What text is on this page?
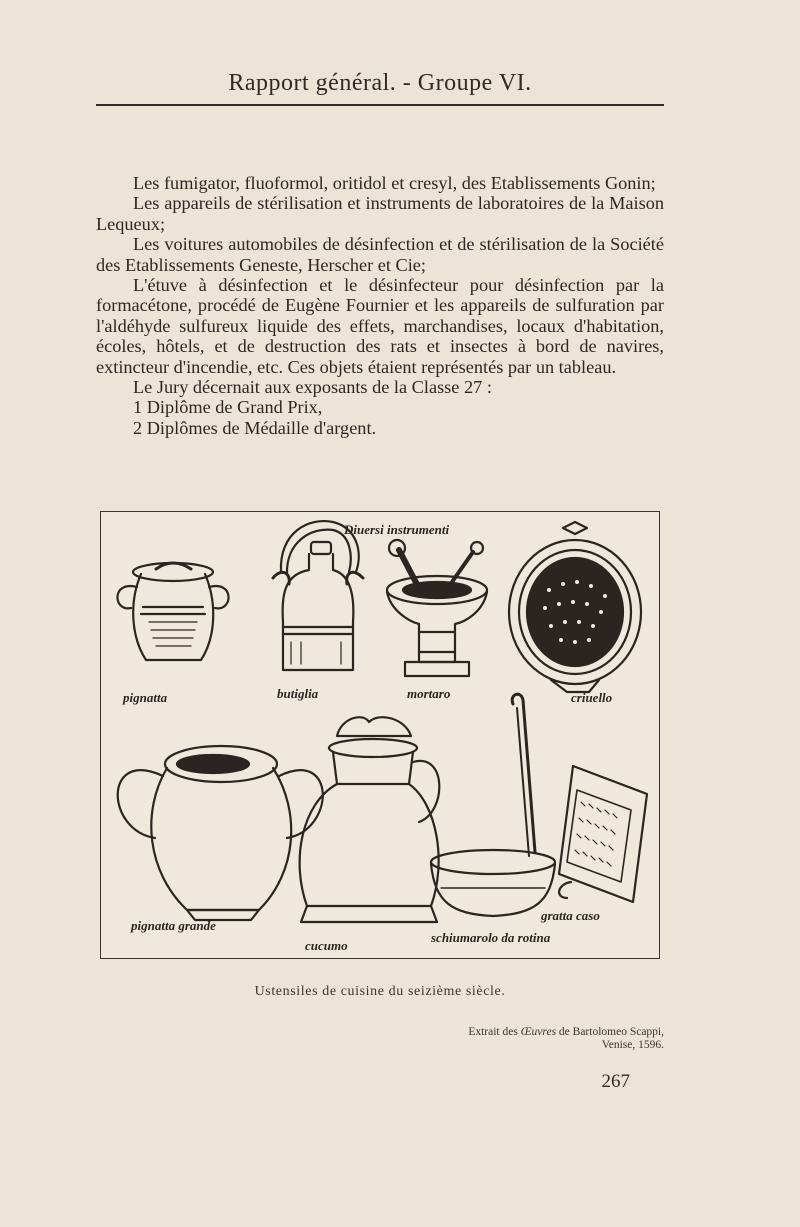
Rapport général. - Groupe VI.

Les fumigator, fluoformol, oritidol et cresyl, des Etablissements Gonin;

Les appareils de stérilisation et instruments de laboratoires de la Maison Lequeux;

Les voitures automobiles de désinfection et de stérilisation de la Société des Etablissements Geneste, Herscher et Cie;

L'étuve à désinfection et le désinfecteur pour désinfection par la formacétone, procédé de Eugène Fournier et les appareils de sulfuration par l'aldéhyde sulfureux liquide des effets, marchandises, locaux d'habitation, écoles, hôtels, et de destruction des rats et insectes à bord de navires, extincteur d'incendie, etc. Ces objets étaient représentés par un tableau.

Le Jury décernait aux exposants de la Classe 27 :

1 Diplôme de Grand Prix,

2 Diplômes de Médaille d'argent.

Diuersi instrumenti
pignatta	butiglia	mortaro	criuello
pignatta grande
cucumo
schiumarolo da rotina
gratta caso
Ustensiles de cuisine du seizième siècle.
Extrait des Œuvres de Bartolomeo Scappi,
Venise, 1596.
267
